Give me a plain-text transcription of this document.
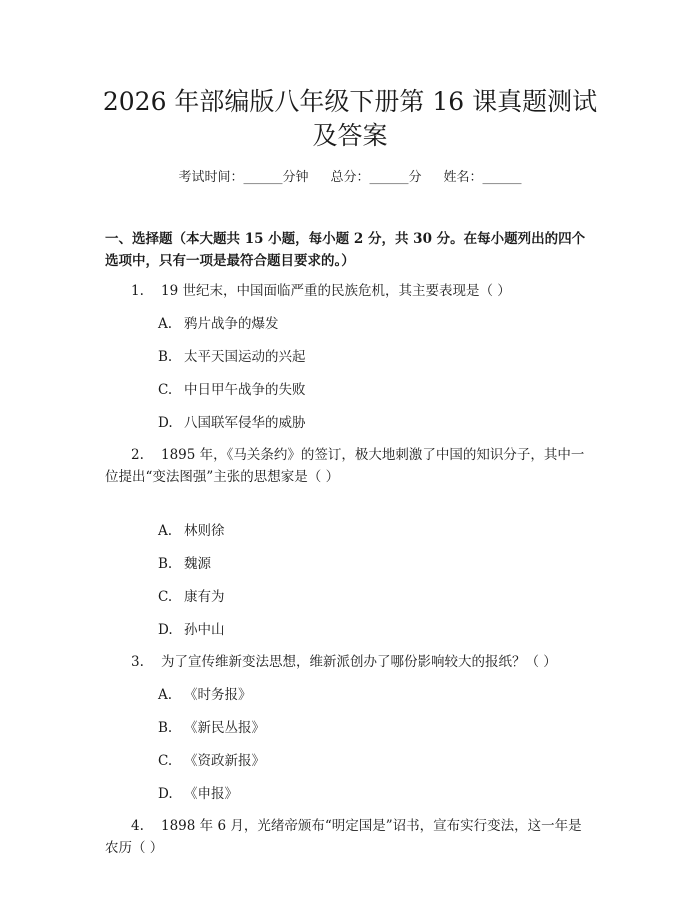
2026 年部编版八年级下册第 16 课真题测试
及答案
考试时间：______分钟 总分：______分 姓名：______
一、选择题（本大题共 15 小题，每小题 2 分，共 30 分。在每小题列出的四个选项中，只有一项是最符合题目要求的。）
1. 19 世纪末，中国面临严重的民族危机，其主要表现是（ ）
A. 鸦片战争的爆发
B. 太平天国运动的兴起
C. 中日甲午战争的失败
D. 八国联军侵华的威胁
2. 1895 年，《马关条约》的签订，极大地刺激了中国的知识分子，其中一位提出“变法图强”主张的思想家是（ ）
A. 林则徐
B. 魏源
C. 康有为
D. 孙中山
3. 为了宣传维新变法思想，维新派创办了哪份影响较大的报纸？（ ）
A. 《时务报》
B. 《新民丛报》
C. 《资政新报》
D. 《申报》
4. 1898 年 6 月，光绪帝颁布“明定国是”诏书，宣布实行变法，这一年是农历（ ）
